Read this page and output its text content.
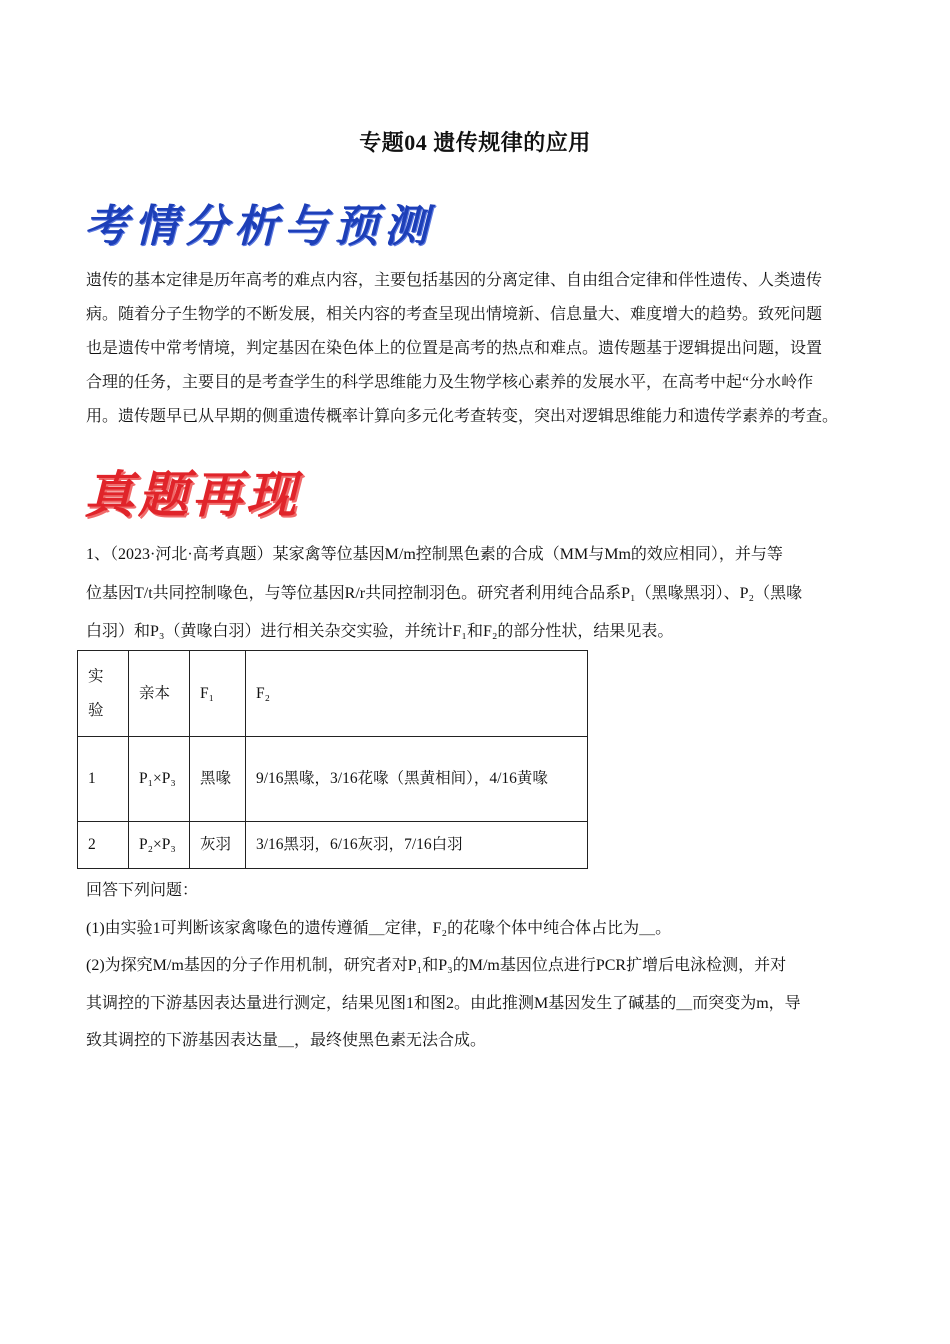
专题04 遗传规律的应用
考情分析与预测
遗传的基本定律是历年高考的难点内容，主要包括基因的分离定律、自由组合定律和伴性遗传、人类遗传
病。随着分子生物学的不断发展，相关内容的考查呈现出情境新、信息量大、难度增大的趋势。致死问题
也是遗传中常考情境，判定基因在染色体上的位置是高考的热点和难点。遗传题基于逻辑提出问题，设置
合理的任务，主要目的是考查学生的科学思维能力及生物学核心素养的发展水平，在高考中起“分水岭作
用。遗传题早已从早期的侧重遗传概率计算向多元化考查转变，突出对逻辑思维能力和遗传学素养的考查。
真题再现
1、（2023·河北·高考真题）某家禽等位基因M/m控制黑色素的合成（MM与Mm的效应相同），并与等
位基因T/t共同控制喙色，与等位基因R/r共同控制羽色。研究者利用纯合品系P₁（黑喙黑羽）、P₂（黑喙
白羽）和P₃（黄喙白羽）进行相关杂交实验，并统计F₁和F₂的部分性状，结果见表。
实验	亲本	F₁	F₂
1	P₁×P₃	黑喙	9/16黑喙，3/16花喙（黑黄相间），4/16黄喙
2	P₂×P₃	灰羽	3/16黑羽，6/16灰羽，7/16白羽
回答下列问题：
(1)由实验1可判断该家禽喙色的遗传遵循＿定律，F₂的花喙个体中纯合体占比为＿。
(2)为探究M/m基因的分子作用机制，研究者对P₁和P₃的M/m基因位点进行PCR扩增后电泳检测，并对
其调控的下游基因表达量进行测定，结果见图1和图2。由此推测M基因发生了碱基的＿而突变为m，导
致其调控的下游基因表达量＿，最终使黑色素无法合成。
